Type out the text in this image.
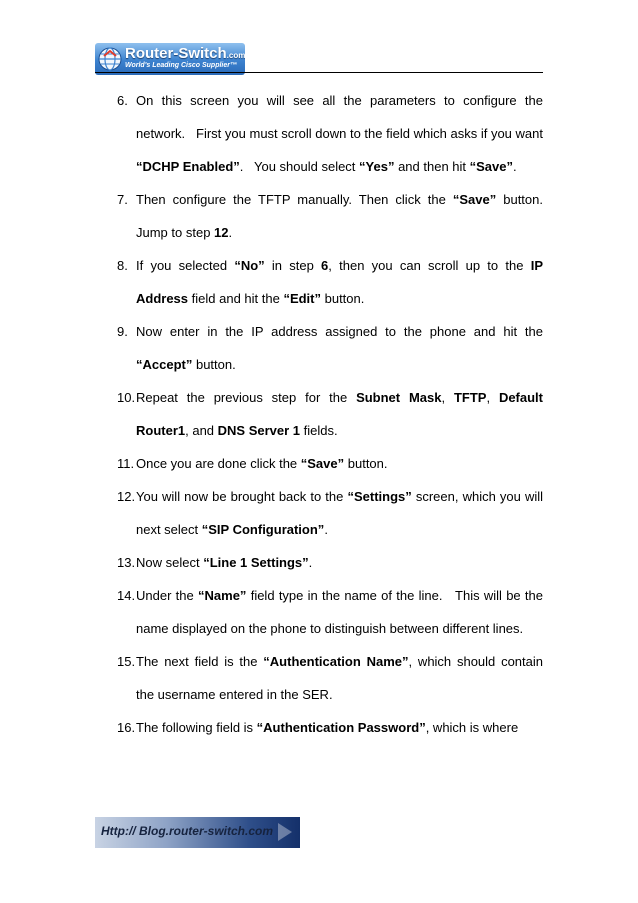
Router-Switch.com
World's Leading Cisco Supplier™

6. On this screen you will see all the parameters to configure the network.   First you must scroll down to the field which asks if you want “DCHP Enabled”.   You should select “Yes” and then hit “Save”.

7. Then configure the TFTP manually. Then click the “Save” button. Jump to step 12.

8. If you selected “No” in step 6, then you can scroll up to the IP Address field and hit the “Edit” button.

9. Now enter in the IP address assigned to the phone and hit the “Accept” button.

10. Repeat the previous step for the Subnet Mask, TFTP, Default Router1, and DNS Server 1 fields.

11. Once you are done click the “Save” button.

12. You will now be brought back to the “Settings” screen, which you will next select “SIP Configuration”.

13. Now select “Line 1 Settings”.

14. Under the “Name” field type in the name of the line.   This will be the name displayed on the phone to distinguish between different lines.

15. The next field is the “Authentication Name”, which should contain the username entered in the SER.

16. The following field is “Authentication Password”, which is where

Http:// Blog.router-switch.com
